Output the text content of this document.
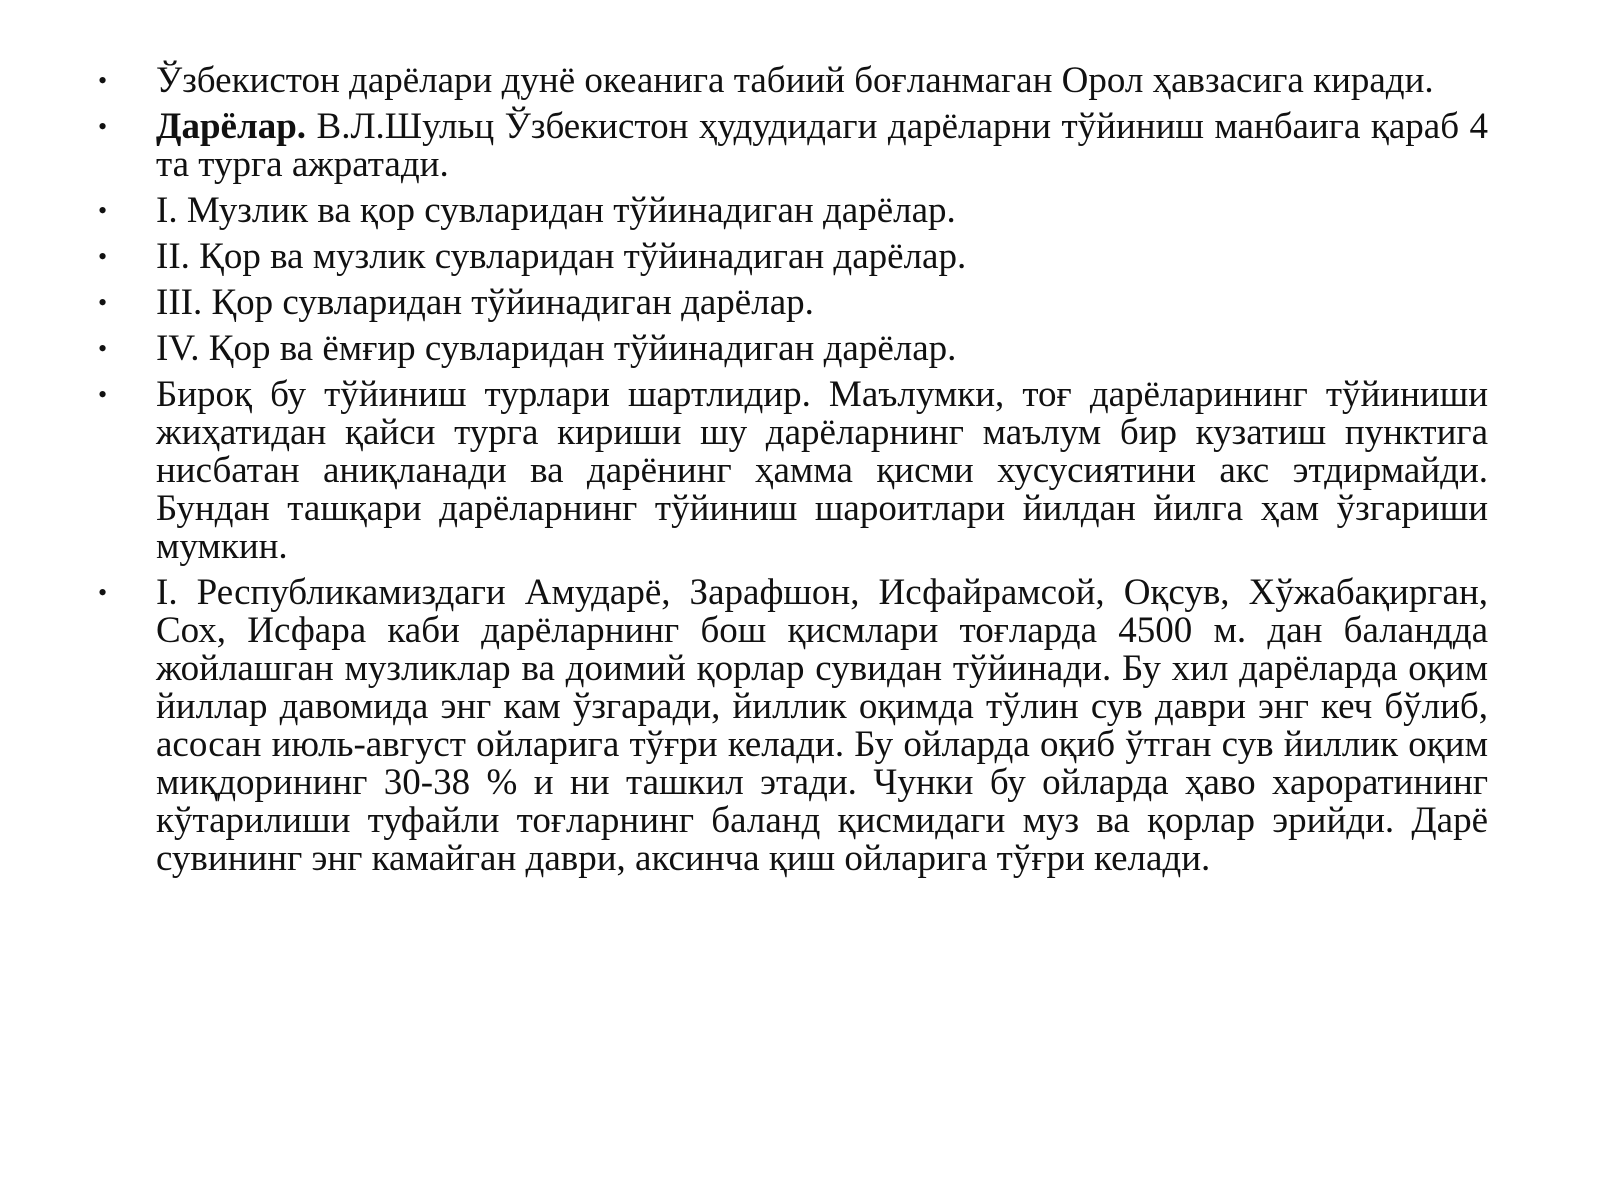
•	Ўзбекистон дарёлари дунё океанига табиий боғланмаган Орол ҳавзасига киради.
•	Дарёлар. В.Л.Шульц Ўзбекистон ҳудудидаги дарёларни тўйиниш манбаига қараб 4 та турга ажратади.
•	I. Музлик ва қор сувларидан тўйинадиган дарёлар.
•	II. Қор ва музлик сувларидан тўйинадиган дарёлар.
•	III. Қор сувларидан тўйинадиган дарёлар.
•	IV. Қор ва ёмғир сувларидан тўйинадиган дарёлар.
•	Бироқ бу тўйиниш турлари шартлидир. Маълумки, тоғ дарёларининг тўйиниши жиҳатидан қайси турга кириши шу дарёларнинг маълум бир кузатиш пунктига нисбатан аниқланади ва дарёнинг ҳамма қисми хусусиятини акс этдирмайди. Бундан ташқари дарёларнинг тўйиниш шароитлари йилдан йилга ҳам ўзгариши мумкин.
•	I. Республикамиздаги Амударё, Зарафшон, Исфайрамсой, Оқсув, Хўжабақирган, Сох, Исфара каби дарёларнинг бош қисмлари тоғларда 4500 м. дан баландда жойлашган музликлар ва доимий қорлар сувидан тўйинади. Бу хил дарёларда оқим йиллар давомида энг кам ўзгаради, йиллик оқимда тўлин сув даври энг кеч бўлиб, асосан июль-август ойларига тўғри келади. Бу ойларда оқиб ўтган сув йиллик оқим миқдорининг 30-38 % и ни ташкил этади. Чунки бу ойларда ҳаво хароратининг кўтарилиши туфайли тоғларнинг баланд қисмидаги муз ва қорлар эрийди. Дарё сувининг энг камайган даври, аксинча қиш ойларига тўғри келади.
